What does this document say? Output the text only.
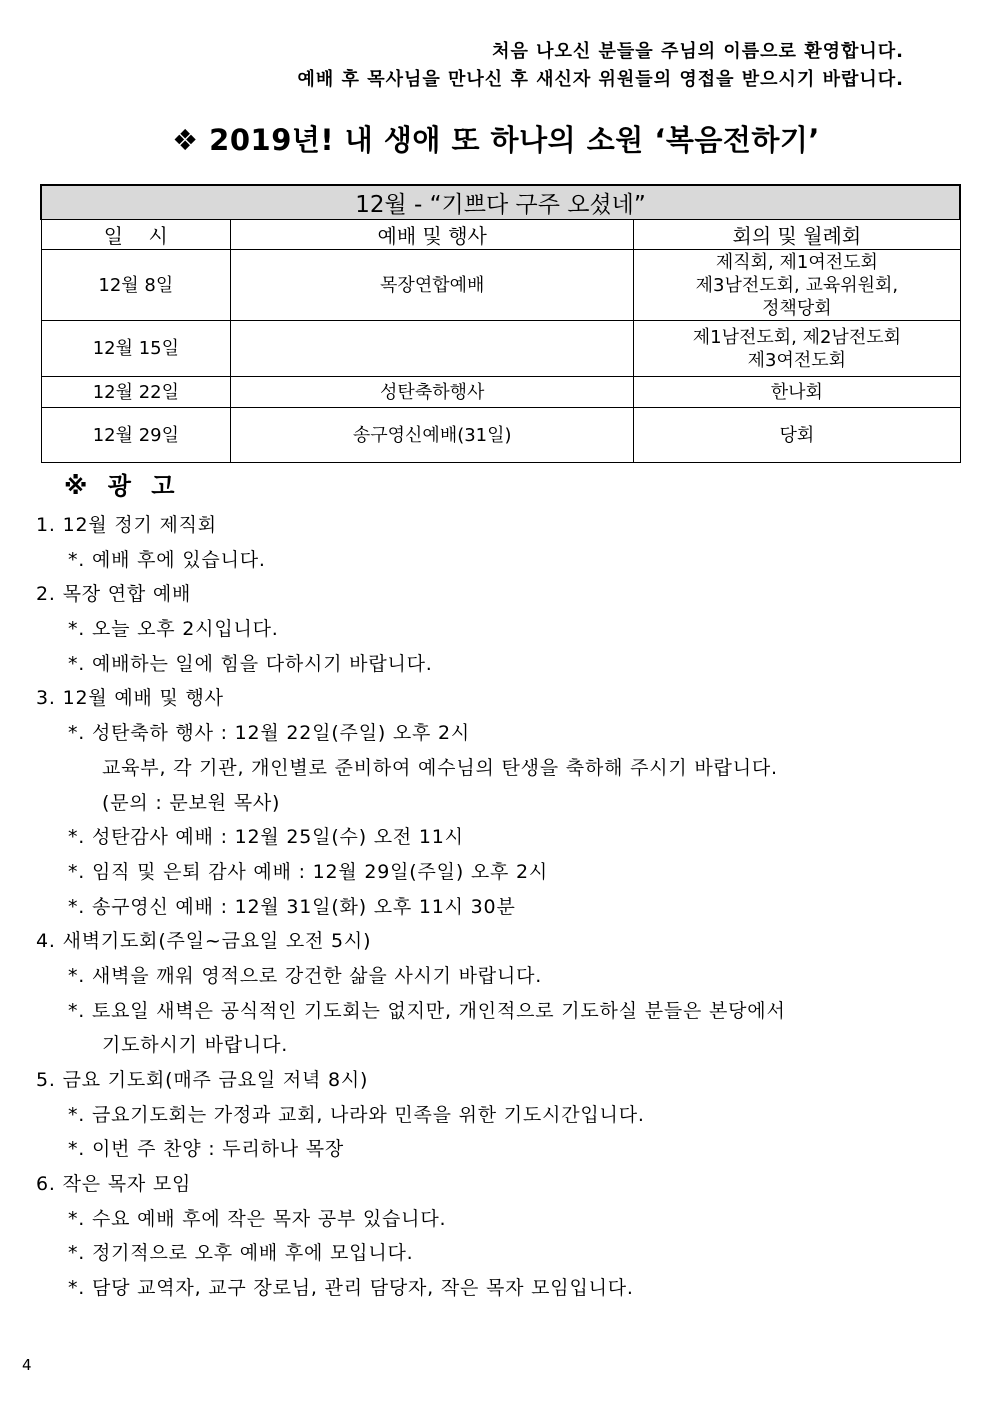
처음 나오신 분들을 주님의 이름으로 환영합니다.
예배 후 목사님을 만나신 후 새신자 위원들의 영접을 받으시기 바랍니다.
❖ 2019년! 내 생애 또 하나의 소원 ‘복음전하기’
12월 - “기쁘다 구주 오셨네”		
일    시	예배 및 행사	회의 및 월례회
12월 8일	목장연합예배	제직회, 제1여전도회
제3남전도회, 교육위원회,
정책당회

12월 15일		제1남전도회, 제2남전도회
제3여전도회

12월 22일	성탄축하행사	한나회

12월 29일	송구영신예배(31일)	당회
※ 광 고
1. 12월 정기 제직회
*. 예배 후에 있습니다.
2. 목장 연합 예배
*. 오늘 오후 2시입니다.
*. 예배하는 일에 힘을 다하시기 바랍니다.
3. 12월 예배 및 행사
*. 성탄축하 행사 : 12월 22일(주일) 오후 2시
교육부, 각 기관, 개인별로 준비하여 예수님의 탄생을 축하해 주시기 바랍니다.
(문의 : 문보원 목사)
*. 성탄감사 예배 : 12월 25일(수) 오전 11시
*. 임직 및 은퇴 감사 예배 : 12월 29일(주일) 오후 2시
*. 송구영신 예배 : 12월 31일(화) 오후 11시 30분
4. 새벽기도회(주일~금요일 오전 5시)
*. 새벽을 깨워 영적으로 강건한 삶을 사시기 바랍니다.
*. 토요일 새벽은 공식적인 기도회는 없지만, 개인적으로 기도하실 분들은 본당에서
기도하시기 바랍니다.
5. 금요 기도회(매주 금요일 저녁 8시)
*. 금요기도회는 가정과 교회, 나라와 민족을 위한 기도시간입니다.
*. 이번 주 찬양 : 두리하나 목장
6. 작은 목자 모임
*. 수요 예배 후에 작은 목자 공부 있습니다.
*. 정기적으로 오후 예배 후에 모입니다.
*. 담당 교역자, 교구 장로님, 관리 담당자, 작은 목자 모임입니다.
4
